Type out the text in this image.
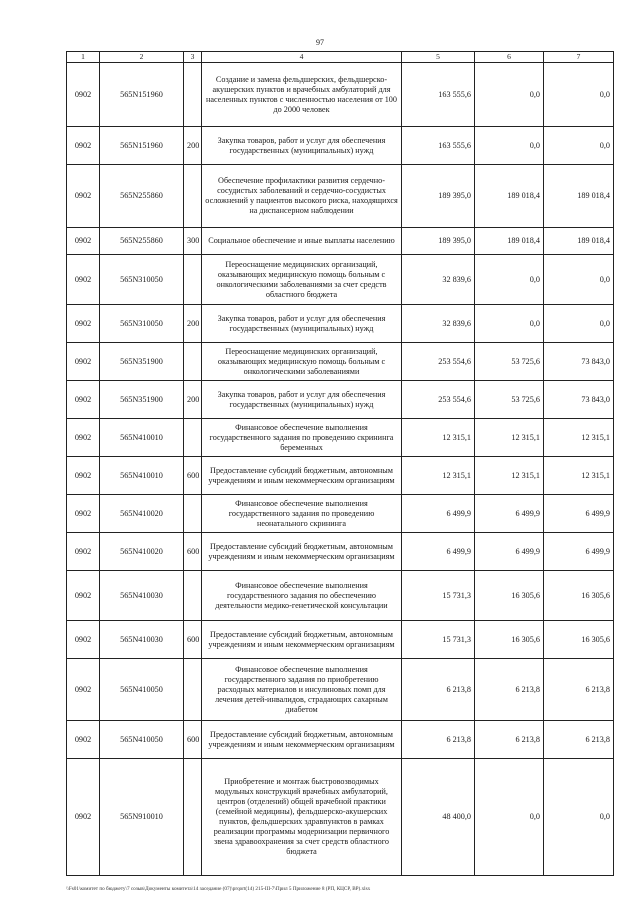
97
1	2	3	4	5	6	7
0902	565N151960		Создание и замена фельдшерских, фельдшерско-акушерских пунктов и врачебных амбулаторий для населенных пунктов с численностью населения от 100 до 2000 человек	163 555,6	0,0	0,0
0902	565N151960	200	Закупка товаров, работ и услуг для обеспечения государственных (муниципальных) нужд	163 555,6	0,0	0,0
0902	565N255860		Обеспечение профилактики развития сердечно-сосудистых заболеваний и сердечно-сосудистых осложнений у пациентов высокого риска, находящихся на диспансерном наблюдении	189 395,0	189 018,4	189 018,4
0902	565N255860	300	Социальное обеспечение и иные выплаты населению	189 395,0	189 018,4	189 018,4
0902	565N310050		Переоснащение медицинских организаций, оказывающих медицинскую помощь больным с онкологическими заболеваниями за счет средств областного бюджета	32 839,6	0,0	0,0
0902	565N310050	200	Закупка товаров, работ и услуг для обеспечения государственных (муниципальных) нужд	32 839,6	0,0	0,0
0902	565N351900		Переоснащение медицинских организаций, оказывающих медицинскую помощь больным с онкологическими заболеваниями	253 554,6	53 725,6	73 843,0
0902	565N351900	200	Закупка товаров, работ и услуг для обеспечения государственных (муниципальных) нужд	253 554,6	53 725,6	73 843,0
0902	565N410010		Финансовое обеспечение выполнения государственного задания по проведению скрининга беременных	12 315,1	12 315,1	12 315,1
0902	565N410010	600	Предоставление субсидий бюджетным, автономным учреждениям и иным некоммерческим организациям	12 315,1	12 315,1	12 315,1
0902	565N410020		Финансовое обеспечение выполнения государственного задания по проведению неонатального скрининга	6 499,9	6 499,9	6 499,9
0902	565N410020	600	Предоставление субсидий бюджетным, автономным учреждениям и иным некоммерческим организациям	6 499,9	6 499,9	6 499,9
0902	565N410030		Финансовое обеспечение выполнения государственного задания по обеспечению деятельности медико-генетической консультации	15 731,3	16 305,6	16 305,6
0902	565N410030	600	Предоставление субсидий бюджетным, автономным учреждениям и иным некоммерческим организациям	15 731,3	16 305,6	16 305,6
0902	565N410050		Финансовое обеспечение выполнения государственного задания по приобретению расходных материалов и инсулиновых помп для лечения детей-инвалидов, страдающих сахарным диабетом	6 213,8	6 213,8	6 213,8
0902	565N410050	600	Предоставление субсидий бюджетным, автономным учреждениям и иным некоммерческим организациям	6 213,8	6 213,8	6 213,8
0902	565N910010		Приобретение и монтаж быстровозводимых модульных конструкций врачебных амбулаторий, центров (отделений) общей врачебной практики (семейной медицины), фельдшерско-акушерских пунктов, фельдшерских здравпунктов в рамках реализации программы модернизации первичного звена здравоохранения за счет средств областного бюджета	48 400,0	0,0	0,0
\\Fs01\комитет по бюджету\7 созыв\Документы комитета\14 заседание (07)\prqort(14) 215-III-7\Прил 5 Приложение 8 (РП, КЦСР, ВР).xlsx
